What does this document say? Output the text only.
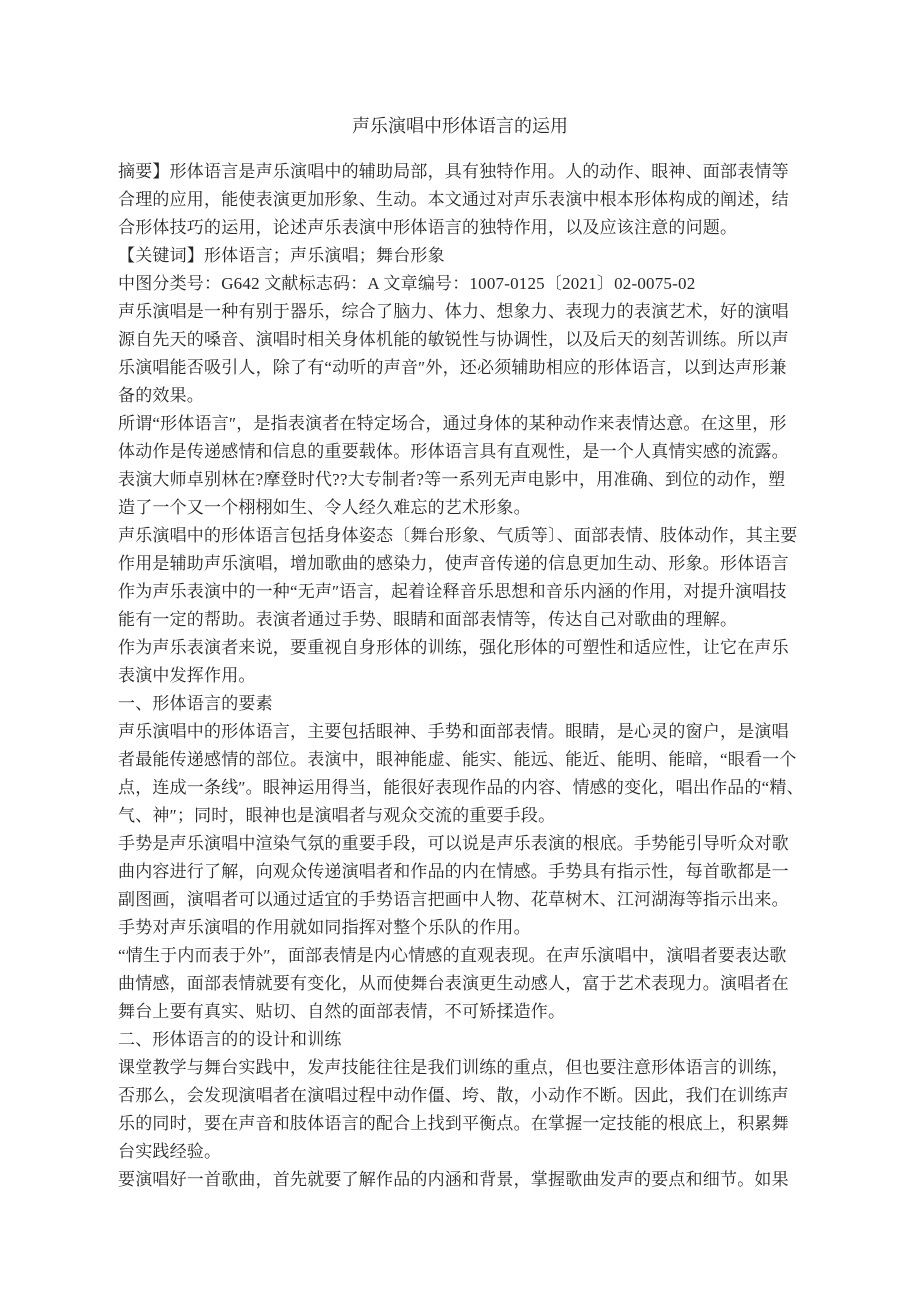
声乐演唱中形体语言的运用
摘要】形体语言是声乐演唱中的辅助局部，具有独特作用。人的动作、眼神、面部表情等
合理的应用，能使表演更加形象、生动。本文通过对声乐表演中根本形体构成的阐述，结
合形体技巧的运用，论述声乐表演中形体语言的独特作用，以及应该注意的问题。
【关键词】形体语言；声乐演唱；舞台形象
中图分类号：G642 文献标志码：A 文章编号：1007-0125〔2021〕02-0075-02
声乐演唱是一种有别于器乐，综合了脑力、体力、想象力、表现力的表演艺术，好的演唱
源自先天的嗓音、演唱时相关身体机能的敏锐性与协调性，以及后天的刻苦训练。所以声
乐演唱能否吸引人，除了有“动听的声音″外，还必须辅助相应的形体语言，以到达声形兼
备的效果。
所谓“形体语言″，是指表演者在特定场合，通过身体的某种动作来表情达意。在这里，形
体动作是传递感情和信息的重要载体。形体语言具有直观性，是一个人真情实感的流露。
表演大师卓别林在?摩登时代??大专制者?等一系列无声电影中，用准确、到位的动作，塑
造了一个又一个栩栩如生、令人经久难忘的艺术形象。
声乐演唱中的形体语言包括身体姿态〔舞台形象、气质等〕、面部表情、肢体动作，其主要
作用是辅助声乐演唱，增加歌曲的感染力，使声音传递的信息更加生动、形象。形体语言
作为声乐表演中的一种“无声″语言，起着诠释音乐思想和音乐内涵的作用，对提升演唱技
能有一定的帮助。表演者通过手势、眼睛和面部表情等，传达自己对歌曲的理解。
作为声乐表演者来说，要重视自身形体的训练，强化形体的可塑性和适应性，让它在声乐
表演中发挥作用。
一、形体语言的要素
声乐演唱中的形体语言，主要包括眼神、手势和面部表情。眼睛，是心灵的窗户，是演唱
者最能传递感情的部位。表演中，眼神能虚、能实、能远、能近、能明、能暗，“眼看一个
点，连成一条线″。眼神运用得当，能很好表现作品的内容、情感的变化，唱出作品的“精、
气、神″；同时，眼神也是演唱者与观众交流的重要手段。
手势是声乐演唱中渲染气氛的重要手段，可以说是声乐表演的根底。手势能引导听众对歌
曲内容进行了解，向观众传递演唱者和作品的内在情感。手势具有指示性，每首歌都是一
副图画，演唱者可以通过适宜的手势语言把画中人物、花草树木、江河湖海等指示出来。
手势对声乐演唱的作用就如同指挥对整个乐队的作用。
“情生于内而表于外″，面部表情是内心情感的直观表现。在声乐演唱中，演唱者要表达歌
曲情感，面部表情就要有变化，从而使舞台表演更生动感人，富于艺术表现力。演唱者在
舞台上要有真实、贴切、自然的面部表情，不可矫揉造作。
二、形体语言的的设计和训练
课堂教学与舞台实践中，发声技能往往是我们训练的重点，但也要注意形体语言的训练，
否那么，会发现演唱者在演唱过程中动作僵、垮、散，小动作不断。因此，我们在训练声
乐的同时，要在声音和肢体语言的配合上找到平衡点。在掌握一定技能的根底上，积累舞
台实践经验。
要演唱好一首歌曲，首先就要了解作品的内涵和背景，掌握歌曲发声的要点和细节。如果
